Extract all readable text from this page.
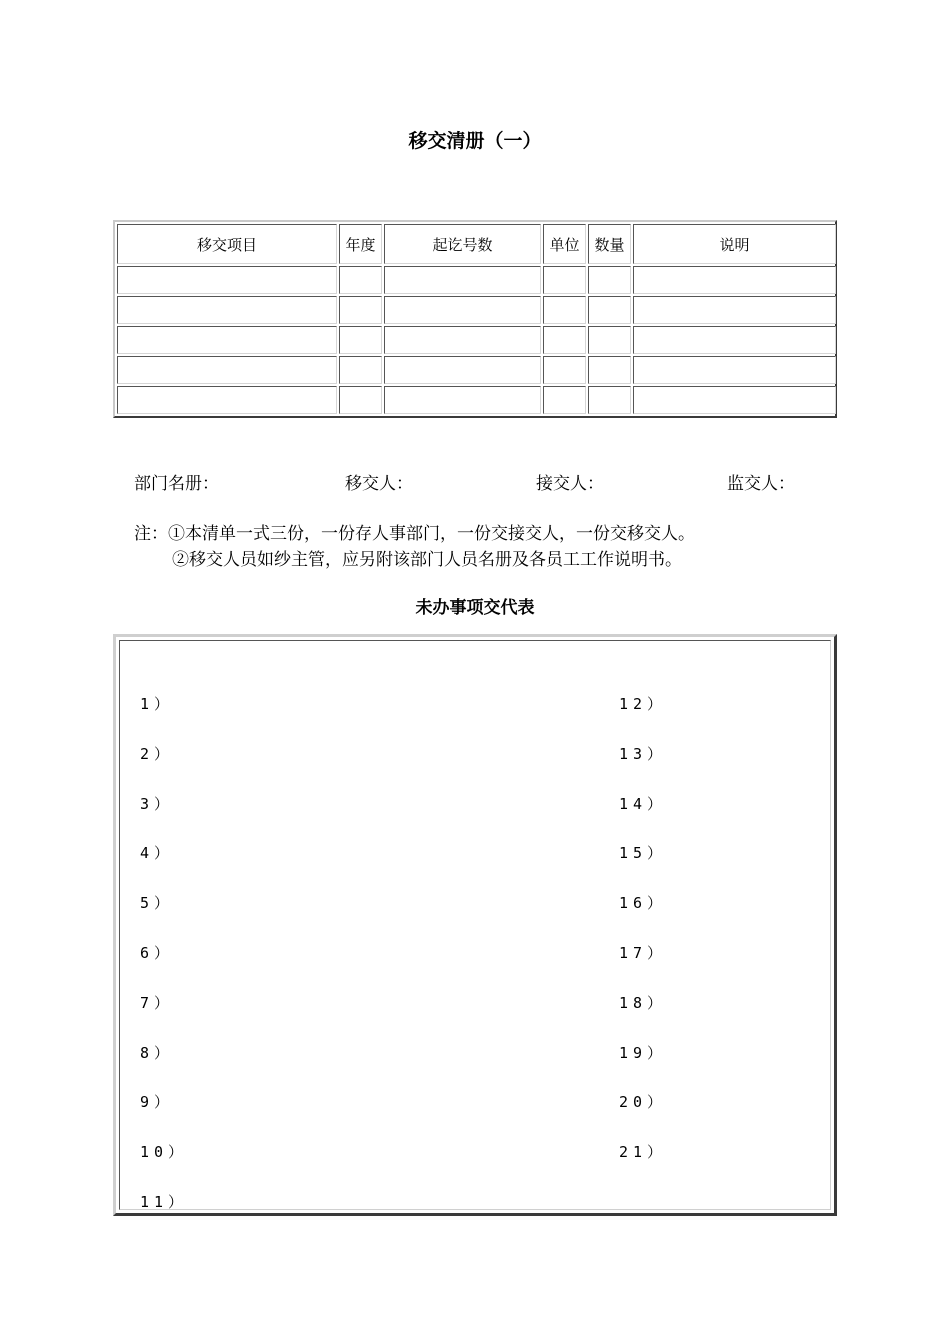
移交清册（一）
移交项目	年度	起讫号数	单位	数量	说明

部门名册：	移交人：	接交人：	监交人：
注：①本清单一式三份，一份存人事部门，一份交接交人，一份交移交人。
②移交人员如纱主管，应另附该部门人员名册及各员工工作说明书。
未办事项交代表
1）
2）
3）
4）
5）
6）
7）
8）
9）
10）
11）
12）
13）
14）
15）
16）
17）
18）
19）
20）
21）
